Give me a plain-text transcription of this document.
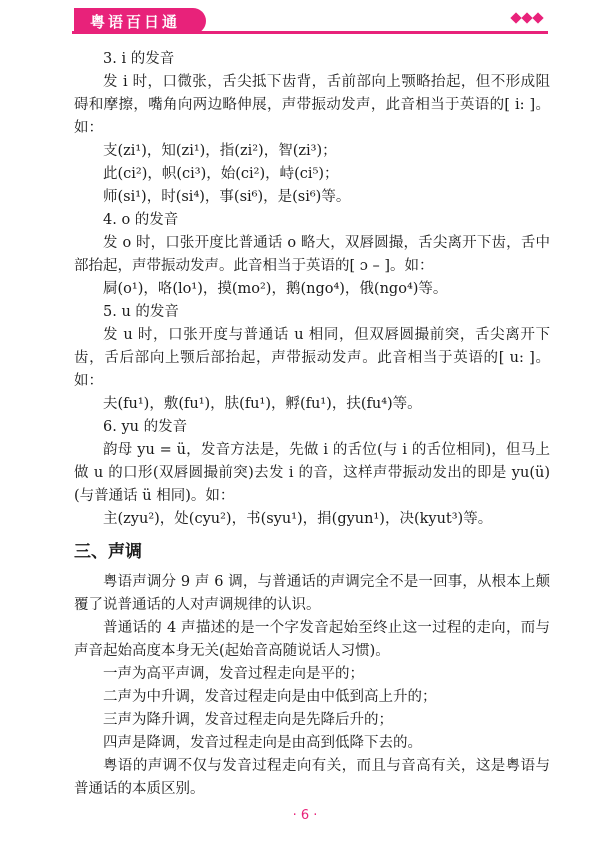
粤语百日通

3. i 的发音

发 i 时，口微张，舌尖抵下齿背，舌前部向上颚略抬起，但不形成阻碍和摩擦，嘴角向两边略伸展，声带振动发声，此音相当于英语的[ i: ]。如：

支(zi¹)，知(zi¹)，指(zi²)，智(zi³)；

此(ci²)，帜(ci³)，始(ci²)，峙(ci⁵)；

师(si¹)，时(si⁴)，事(si⁶)，是(si⁶)等。

4. o 的发音

发 o 时，口张开度比普通话 o 略大，双唇圆撮，舌尖离开下齿，舌中部抬起，声带振动发声。此音相当于英语的[ ɔ – ]。如：

屙(o¹)，咯(lo¹)，摸(mo²)，鹅(ngo⁴)，俄(ngo⁴)等。

5. u 的发音

发 u 时，口张开度与普通话 u 相同，但双唇圆撮前突，舌尖离开下齿，舌后部向上颚后部抬起，声带振动发声。此音相当于英语的[ u: ]。如：

夫(fu¹)，敷(fu¹)，肤(fu¹)，孵(fu¹)，扶(fu⁴)等。

6. yu 的发音

韵母 yu = ü，发音方法是，先做 i 的舌位(与 i 的舌位相同)，但马上做 u 的口形(双唇圆撮前突)去发 i 的音，这样声带振动发出的即是 yu(ü)(与普通话 ü 相同)。如：

主(zyu²)，处(cyu²)，书(syu¹)，捐(gyun¹)，决(kyut³)等。

三、声调

粤语声调分 9 声 6 调，与普通话的声调完全不是一回事，从根本上颠覆了说普通话的人对声调规律的认识。

普通话的 4 声描述的是一个字发音起始至终止这一过程的走向，而与声音起始高度本身无关(起始音高随说话人习惯)。

一声为高平声调，发音过程走向是平的；

二声为中升调，发音过程走向是由中低到高上升的；

三声为降升调，发音过程走向是先降后升的；

四声是降调，发音过程走向是由高到低降下去的。

粤语的声调不仅与发音过程走向有关，而且与音高有关，这是粤语与普通话的本质区别。

· 6 ·
